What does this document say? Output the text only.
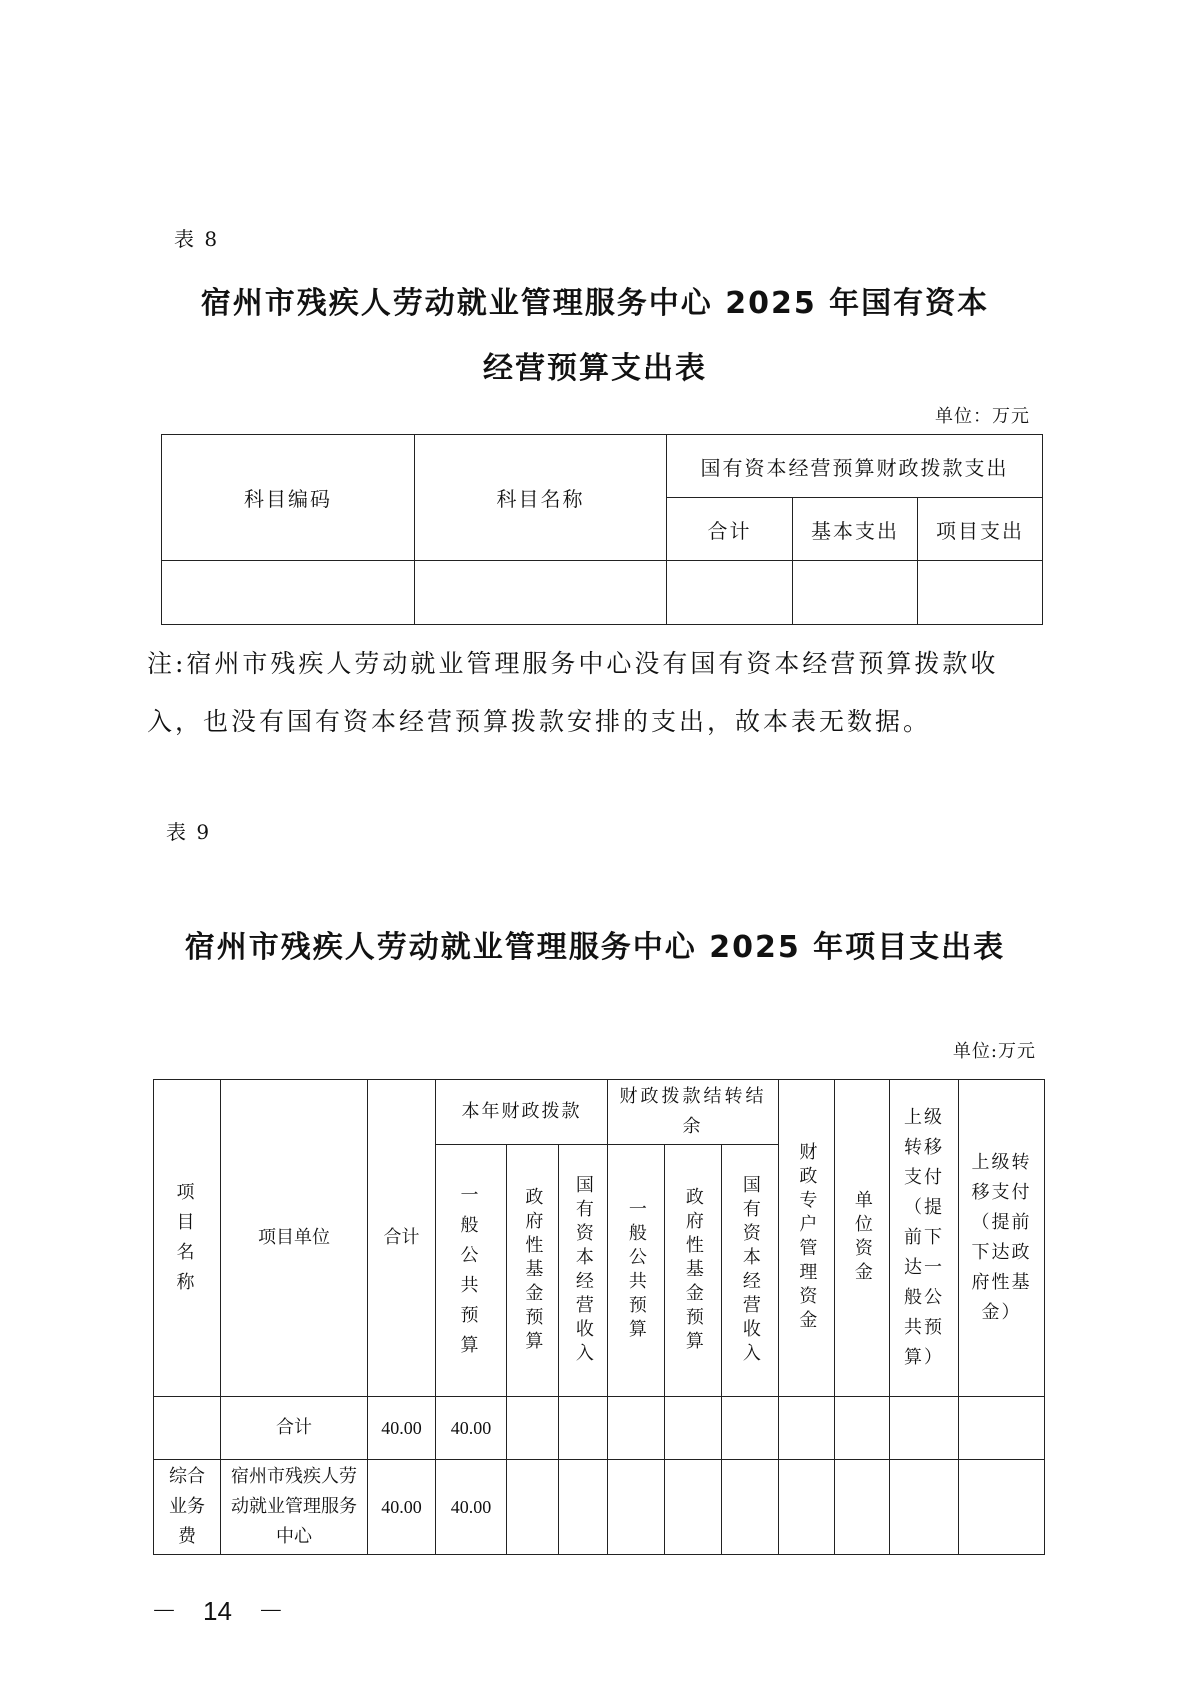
表 8
宿州市残疾人劳动就业管理服务中心 2025 年国有资本
经营预算支出表
单位：万元
科目编码	科目名称	国有资本经营预算财政拨款支出		
		合计	基本支出	项目支出

注:宿州市残疾人劳动就业管理服务中心没有国有资本经营预算拨款收
入，也没有国有资本经营预算拨款安排的支出，故本表无数据。
表 9
宿州市残疾人劳动就业管理服务中心 2025 年项目支出表
单位:万元
项目名称	项目单位	合计	本年财政拨款			财政拨款结转结余			财政专户管理资金	单位资金	上级转移支付（提前下达一般公共预算）	上级转移支付（提前下达政府性基金）

			一般公共预算	政府性基金预算	国有资本经营收入	一般公共预算	政府性基金预算	国有资本经营收入				

	合计	40.00	40.00									

综合业务费	宿州市残疾人劳动就业管理服务中心	40.00	40.00									
－　14　－
